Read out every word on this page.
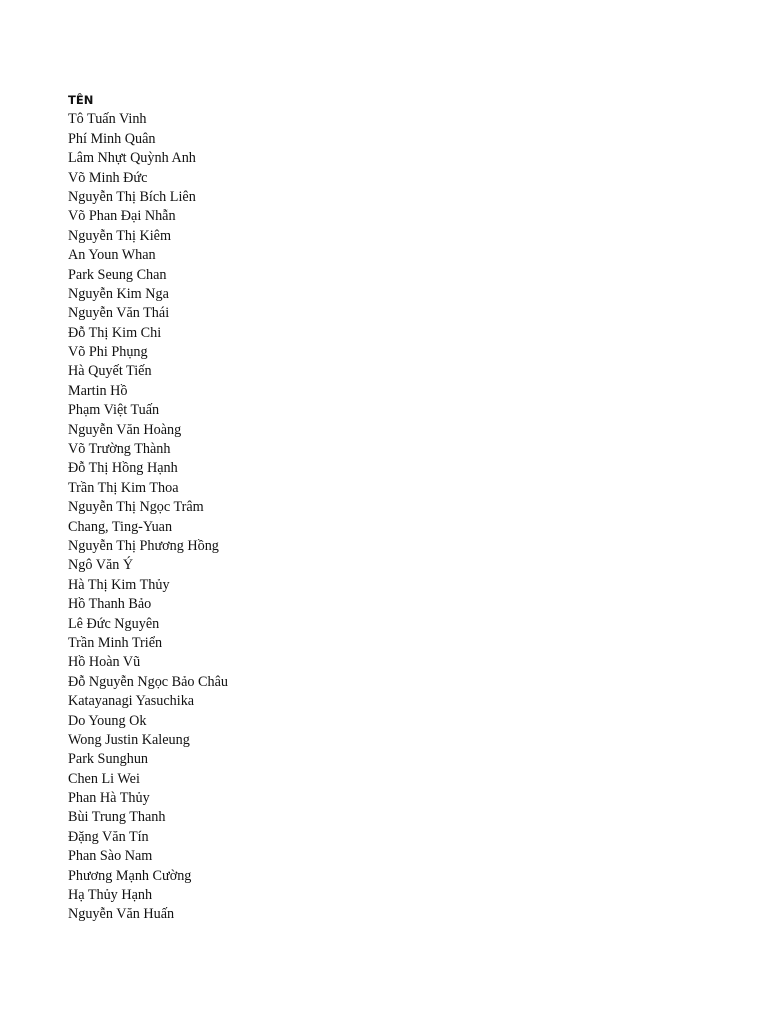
TÊN
Tô Tuấn Vinh
Phí Minh Quân
Lâm Nhựt Quỳnh Anh
Võ Minh Đức
Nguyễn Thị Bích Liên
Võ Phan Đại Nhẫn
Nguyễn Thị Kiêm
An Youn Whan
Park Seung Chan
Nguyễn Kim Nga
Nguyễn Văn Thái
Đỗ Thị Kim Chi
Võ Phi Phụng
Hà Quyết Tiến
Martin Hồ
Phạm Việt Tuấn
Nguyễn Văn Hoàng
Võ Trường Thành
Đỗ Thị Hồng Hạnh
Trần Thị Kim Thoa
Nguyễn Thị Ngọc Trâm
Chang, Ting-Yuan
Nguyễn Thị Phương Hồng
Ngô Văn Ý
Hà Thị Kim Thủy
Hồ Thanh Bảo
Lê Đức Nguyên
Trần Minh Triển
Hồ Hoàn Vũ
Đỗ Nguyễn Ngọc Bảo Châu
Katayanagi Yasuchika
Do Young Ok
Wong Justin Kaleung
Park Sunghun
Chen Li Wei
Phan Hà Thủy
Bùi Trung Thanh
Đặng Văn Tín
Phan Sào Nam
Phương Mạnh Cường
Hạ Thủy Hạnh
Nguyễn Văn Huấn
